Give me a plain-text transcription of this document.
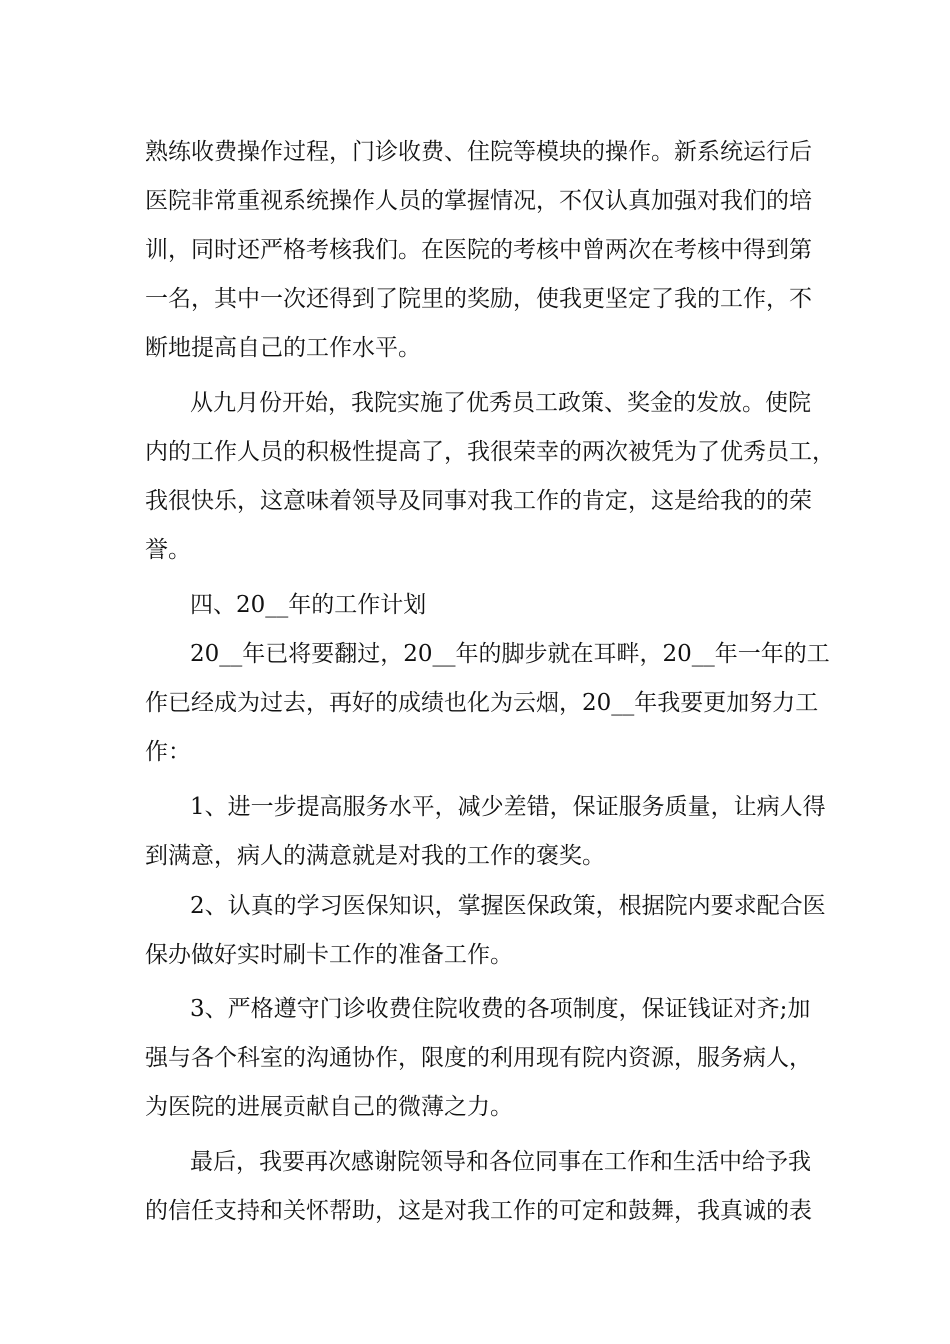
熟练收费操作过程，门诊收费、住院等模块的操作。新系统运行后
医院非常重视系统操作人员的掌握情况，不仅认真加强对我们的培
训，同时还严格考核我们。在医院的考核中曾两次在考核中得到第
一名，其中一次还得到了院里的奖励，使我更坚定了我的工作，不
断地提高自己的工作水平。
从九月份开始，我院实施了优秀员工政策、奖金的发放。使院
内的工作人员的积极性提高了，我很荣幸的两次被凭为了优秀员工，
我很快乐，这意味着领导及同事对我工作的肯定，这是给我的的荣
誉。
四、20__年的工作计划
20__年已将要翻过，20__年的脚步就在耳畔，20__年一年的工
作已经成为过去，再好的成绩也化为云烟，20__年我要更加努力工
作：
1、进一步提高服务水平，减少差错，保证服务质量，让病人得
到满意，病人的满意就是对我的工作的褒奖。
2、认真的学习医保知识，掌握医保政策，根据院内要求配合医
保办做好实时刷卡工作的准备工作。
3、严格遵守门诊收费住院收费的各项制度，保证钱证对齐;加
强与各个科室的沟通协作，限度的利用现有院内资源，服务病人，
为医院的进展贡献自己的微薄之力。
最后，我要再次感谢院领导和各位同事在工作和生活中给予我
的信任支持和关怀帮助，这是对我工作的可定和鼓舞，我真诚的表
